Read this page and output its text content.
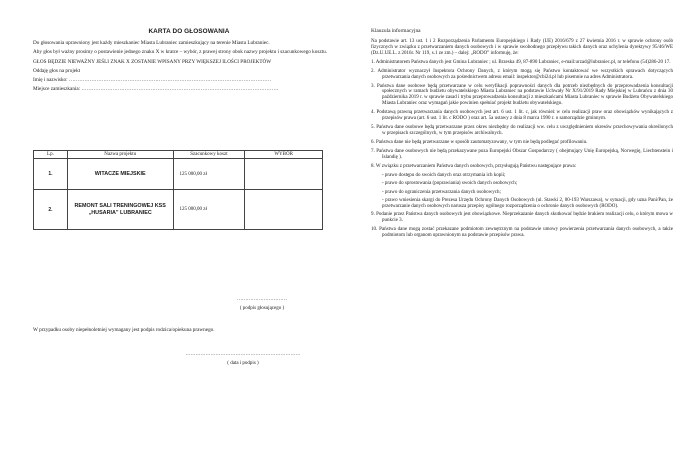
KARTA DO GŁOSOWANIA
Do głosowania uprawniony jest każdy mieszkaniec Miasta Lubraniec zamieszkujący na terenie Miasta Lubraniec.
Aby głos był ważny prosimy o postawienie jednego znaku X w kratce – wybór, z prawej strony obok nazwy projektu i szacunkowego kosztu.
GŁOS BĘDZIE NIEWAŻNY JEŚLI ZNAK X ZOSTANIE WPISANY PRZY WIĘKSZEJ ILOŚCI PROJEKTÓW
Oddaję głos na projekt
Imię i nazwisko: ………………………………………………………………………………………………………
Miejsce zamieszkania: ……………………………………………………………………………………………………
Lp.	Nazwa projektu	Szacunkowy koszt	WYBÓR
1.	WITACZE MIEJSKIE	125 000,00 zł	
2.	REMONT SALI TRENINGOWEJ KSS „HUSARIA” LUBRANIEC	125 000,00 zł	
…………………………
( podpis głosującego )
W przypadku osoby niepełnoletniej wymagany jest podpis rodzica/opiekuna prawnego.
……………………………………………………………
( data i podpis )
Klauzula informacyjna
Na podstawie art. 13 ust. 1 i 2 Rozporządzenia Parlamentu Europejskiego i Rady (UE) 2016/679 z 27 kwietnia 2016 r. w sprawie ochrony osób fizycznych w związku z przetwarzaniem danych osobowych i w sprawie swobodnego przepływu takich danych oraz uchylenia dyrektywy 95/46/WE (Dz.U.UE.L. z 2016r. Nr 119, s.1 ze zm.) – dalej: „RODO” informuję, że:
1. Administratorem Państwa danych jest Gmina Lubraniec ; ul. Brzeska 49, 87-890 Lubraniec, e-mail:urzad@lubraniec.pl, nr telefonu (54)286-20 17.
2. Administrator wyznaczył Inspektora Ochrony Danych, z którym mogą się Państwo kontaktować we wszystkich sprawach dotyczących przetwarzania danych osobowych za pośrednictwem adresu email: inspektor@cbi24.pl lub pisemnie na adres Administratora.
3. Państwa dane osobowe będą przetwarzane w celu weryfikacji poprawności danych dla potrzeb niezbędnych do przeprowadzenia konsultacji społecznych w ramach budżetu obywatelskiego Miasta Lubraniec na podstawie Uchwały Nr X/91/2019 Rady Miejskiej w Lubrańcu z dnia 30 października 2019 r. w sprawie zasad i trybu przeprowadzenia konsultacji z mieszkańcami Miasta Lubraniec w sprawie Budżetu Obywatelskiego Miasta Lubraniec oraz wymagań jakie powinien spełniać projekt budżetu obywatelskiego.
4. Podstawą prawną przetwarzania danych osobowych jest art. 6 ust. 1 lit. c, jak również w celu realizacji praw oraz obowiązków wynikających z przepisów prawa (art. 6 ust. 1 lit. c RODO ) oraz art. 5a ustawy z dnia 8 marca 1990 r. o samorządzie gminnym.
5. Państwa dane osobowe będą przetwarzane przez okres niezbędny do realizacji ww. celu z uwzględnieniem okresów przechowywania określonych w przepisach szczególnych, w tym przepisów archiwalnych.
6. Państwa dane nie będą przetwarzane w sposób zautomatyzowany, w tym nie będą podlegać profilowaniu.
7. Państwa dane osobowych nie będą przekazywane poza Europejski Obszar Gospodarczy ( obejmujący Unię Europejską, Norwegię, Liechtenstein i Islandię ).
8. W związku z przetwarzaniem Państwa danych osobowych, przysługują Państwu następujące prawa:
- prawo dostępu do swoich danych oraz otrzymania ich kopii;
- prawo do sprostowania (poprawiania) swoich danych osobowych;
- prawo do ograniczenia przetwarzania danych osobowych;
- prawo wniesienia skargi do Prezesa Urzędu Ochrony Danych Osobowych (ul. Stawki 2, 00-193 Warszawa), w sytuacji, gdy uzna Pani/Pan, że przetwarzanie danych osobowych narusza przepisy ogólnego rozporządzenia o ochronie danych osobowych (RODO).
9. Podanie przez Państwa danych osobowych jest obowiązkowe. Nieprzekazanie danych skutkować będzie brakiem realizacji celu, o którym mowa w punkcie 3.
10. Państwa dane mogą zostać przekazane podmiotom zewnętrznym na podstawie umowy powierzenia przetwarzania danych osobowych, a także podmiotom lub organom uprawnionym na podstawie przepisów prawa.
